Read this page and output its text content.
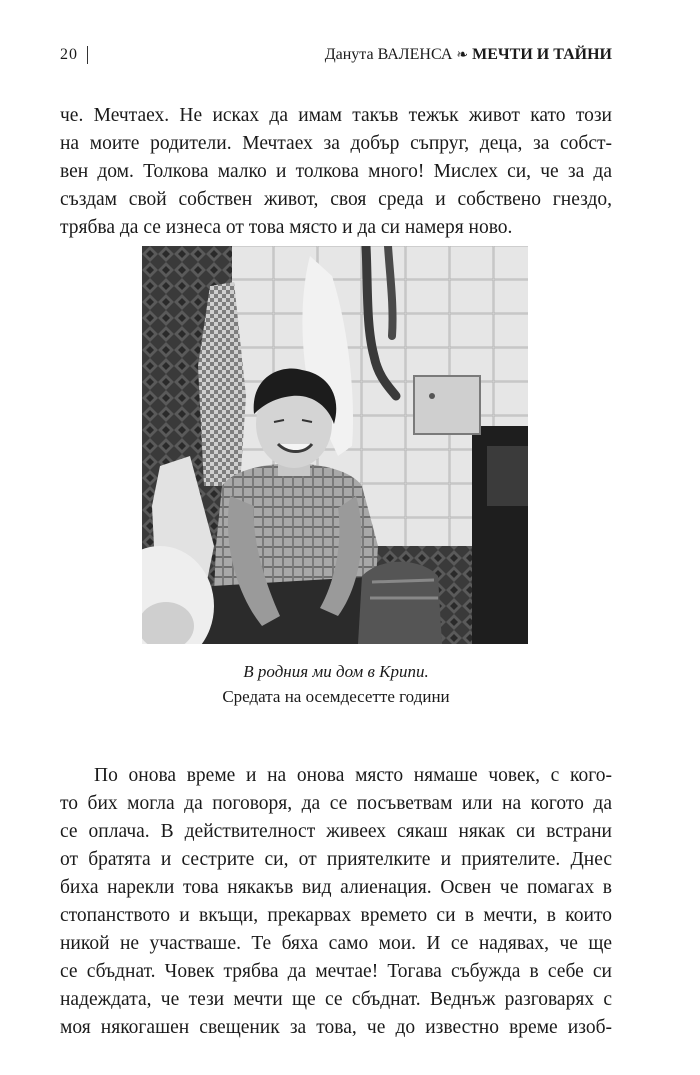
20	Данута ВАЛЕНСА ❧ МЕЧТИ И ТАЙНИ
че. Мечтаех. Не исках да имам такъв тежък живот като този
на моите родители. Мечтаех за добър съпруг, деца, за собст-
вен дом. Толкова малко и толкова много! Мислех си, че за да
създам свой собствен живот, своя среда и собствено гнездо,
трябва да се изнеса от това място и да си намеря ново.
В родния ми дом в Крипи.
Средата на осемдесетте години
По онова време и на онова място нямаше човек, с кого-
то бих могла да поговоря, да се посъветвам или на когото да
се оплача. В действителност живеех сякаш някак си встрани
от братята и сестрите си, от приятелките и приятелите. Днес
биха нарекли това някакъв вид алиенация. Освен че помагах в
стопанството и вкъщи, прекарвах времето си в мечти, в които
никой не участваше. Те бяха само мои. И се надявах, че ще
се сбъднат. Човек трябва да мечтае! Тогава събужда в себе си
надеждата, че тези мечти ще се сбъднат. Веднъж разговарях с
моя някогашен свещеник за това, че до известно време изоб-
